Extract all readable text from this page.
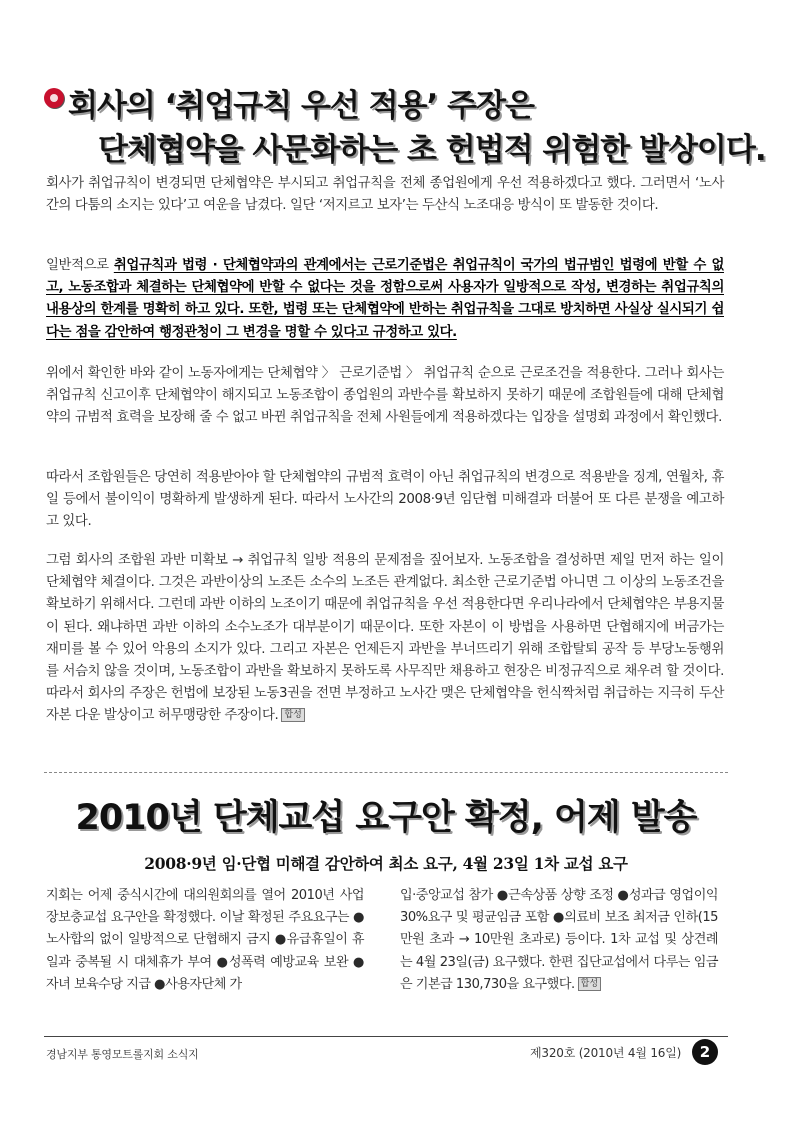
회사의 ‘취업규칙 우선 적용’ 주장은
단체협약을 사문화하는 초 헌법적 위험한 발상이다.
회사가 취업규칙이 변경되면 단체협약은 부시되고 취업규칙을 전체 종업원에게 우선 적용하겠다고 했다. 그러면서 ‘노사간의 다툼의 소지는 있다’고 여운을 남겼다. 일단 ‘저지르고 보자’는 두산식 노조대응 방식이 또 발동한 것이다.
일반적으로 취업규칙과 법령 · 단체협약과의 관계에서는 근로기준법은 취업규칙이 국가의 법규범인 법령에 반할 수 없고, 노동조합과 체결하는 단체협약에 반할 수 없다는 것을 정함으로써 사용자가 일방적으로 작성, 변경하는 취업규칙의 내용상의 한계를 명확히 하고 있다. 또한, 법령 또는 단체협약에 반하는 취업규칙을 그대로 방치하면 사실상 실시되기 쉽다는 점을 감안하여 행정관청이 그 변경을 명할 수 있다고 규정하고 있다.
위에서 확인한 바와 같이 노동자에게는 단체협약 〉 근로기준법 〉 취업규칙 순으로 근로조건을 적용한다. 그러나 회사는 취업규칙 신고이후 단체협약이 해지되고 노동조합이 종업원의 과반수를 확보하지 못하기 때문에 조합원들에 대해 단체협약의 규범적 효력을 보장해 줄 수 없고 바뀐 취업규칙을 전체 사원들에게 적용하겠다는 입장을 설명회 과정에서 확인했다.
따라서 조합원들은 당연히 적용받아야 할 단체협약의 규범적 효력이 아닌 취업규칙의 변경으로 적용받을 징계, 연월차, 휴일 등에서 불이익이 명확하게 발생하게 된다. 따라서 노사간의 2008·9년 임단협 미해결과 더불어 또 다른 분쟁을 예고하고 있다.
그럼 회사의 조합원 과반 미확보 → 취업규칙 일방 적용의 문제점을 짚어보자. 노동조합을 결성하면 제일 먼저 하는 일이 단체협약 체결이다. 그것은 과반이상의 노조든 소수의 노조든 관계없다. 최소한 근로기준법 아니면 그 이상의 노동조건을 확보하기 위해서다. 그런데 과반 이하의 노조이기 때문에 취업규칙을 우선 적용한다면 우리나라에서 단체협약은 부용지물이 된다. 왜냐하면 과반 이하의 소수노조가 대부분이기 때문이다. 또한 자본이 이 방법을 사용하면 단협해지에 버금가는 재미를 볼 수 있어 악용의 소지가 있다. 그리고 자본은 언제든지 과반을 부너뜨리기 위해 조합탈퇴 공작 등 부당노동행위를 서슴치 않을 것이며, 노동조합이 과반을 확보하지 못하도록 사무직만 채용하고 현장은 비정규직으로 채우려 할 것이다. 따라서 회사의 주장은 헌법에 보장된 노동3권을 전면 부정하고 노사간 맺은 단체협약을 헌식짝처럼 취급하는 지극히 두산자본 다운 발상이고 허무맹랑한 주장이다. 합성
2010년 단체교섭 요구안 확정, 어제 발송
2008·9년 임·단협 미해결 감안하여 최소 요구, 4월 23일 1차 교섭 요구
지회는 어제 중식시간에 대의원회의를 열어 2010년 사업장보충교섭 요구안을 확정했다. 이날 확정된 주요요구는 ●노사합의 없이 일방적으로 단협해지 금지 ●유급휴일이 휴일과 중복될 시 대체휴가 부여 ●성폭력 예방교육 보완 ●자녀 보육수당 지급 ●사용자단체 가
입·중앙교섭 참가 ●근속상품 상향 조정 ●성과급 영업이익 30%요구 및 평균임금 포함 ●의료비 보조 최저금 인하(15만원 초과 → 10만원 초과로) 등이다. 1차 교섭 및 상견례는 4월 23일(금) 요구했다. 한편 집단교섭에서 다루는 임금은 기본급 130,730을 요구했다. 합성
경남지부 통영모트롤지회 소식지	제320호 (2010년 4월 16일)	2
